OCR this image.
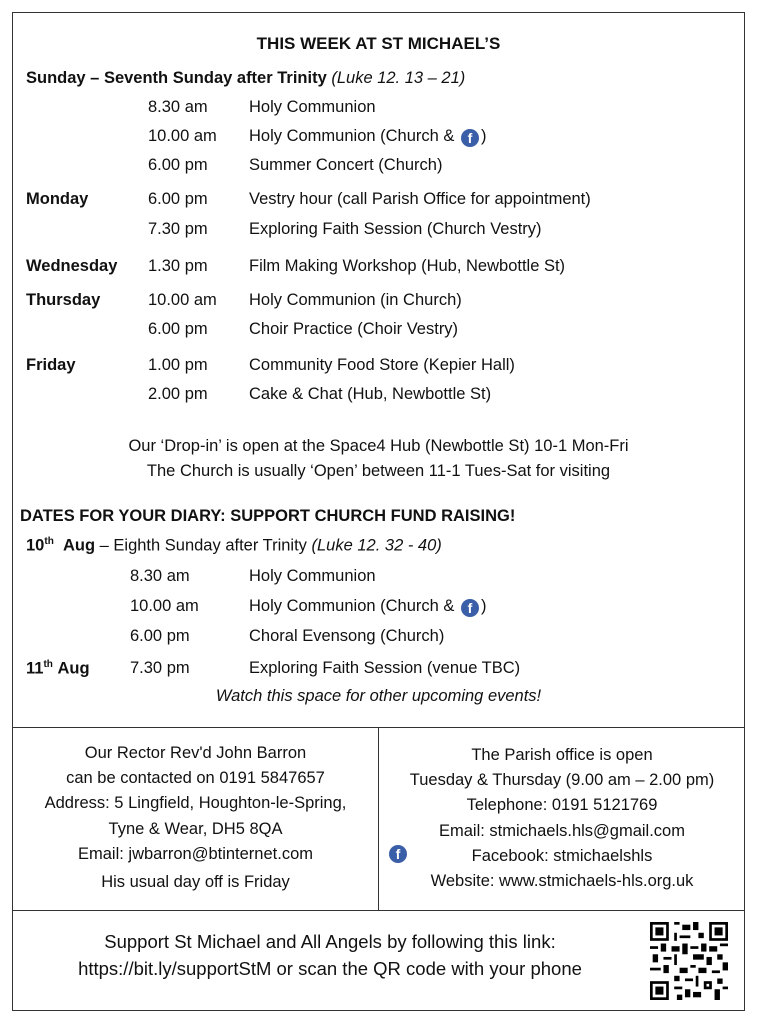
THIS WEEK AT ST MICHAEL’S
Sunday – Seventh Sunday after Trinity (Luke 12. 13 – 21)
8.30 am	Holy Communion
10.00 am Holy Communion (Church & f )
6.00 pm	Summer Concert (Church)
Monday	6.00 pm	Vestry hour (call Parish Office for appointment)
7.30 pm	Exploring Faith Session (Church Vestry)
Wednesday 1.30 pm	Film Making Workshop (Hub, Newbottle St)
Thursday	10.00 am Holy Communion (in Church)
6.00 pm	Choir Practice (Choir Vestry)
Friday	1.00 pm	Community Food Store (Kepier Hall)
2.00 pm	Cake & Chat (Hub, Newbottle St)
Our ‘Drop-in’ is open at the Space4 Hub (Newbottle St) 10-1 Mon-Fri
The Church is usually ‘Open’ between 11-1 Tues-Sat for visiting
DATES FOR YOUR DIARY: SUPPORT CHURCH FUND RAISING!
10th Aug – Eighth Sunday after Trinity (Luke 12. 32 - 40)
8.30 am	Holy Communion
10.00 am	Holy Communion (Church & f )
6.00 pm	Choral Evensong (Church)
11th Aug 7.30 pm	Exploring Faith Session (venue TBC)
Watch this space for other upcoming events!
Our Rector Rev'd John Barron
can be contacted on 0191 5847657
Address: 5 Lingfield, Houghton-le-Spring,
Tyne & Wear, DH5 8QA
Email: jwbarron@btinternet.com
His usual day off is Friday
The Parish office is open
Tuesday & Thursday (9.00 am – 2.00 pm)
Telephone: 0191 5121769
Email: stmichaels.hls@gmail.com
Facebook: stmichaelshls
Website: www.stmichaels-hls.org.uk
f
Support St Michael and All Angels by following this link:
https://bit.ly/supportStM or scan the QR code with your phone
